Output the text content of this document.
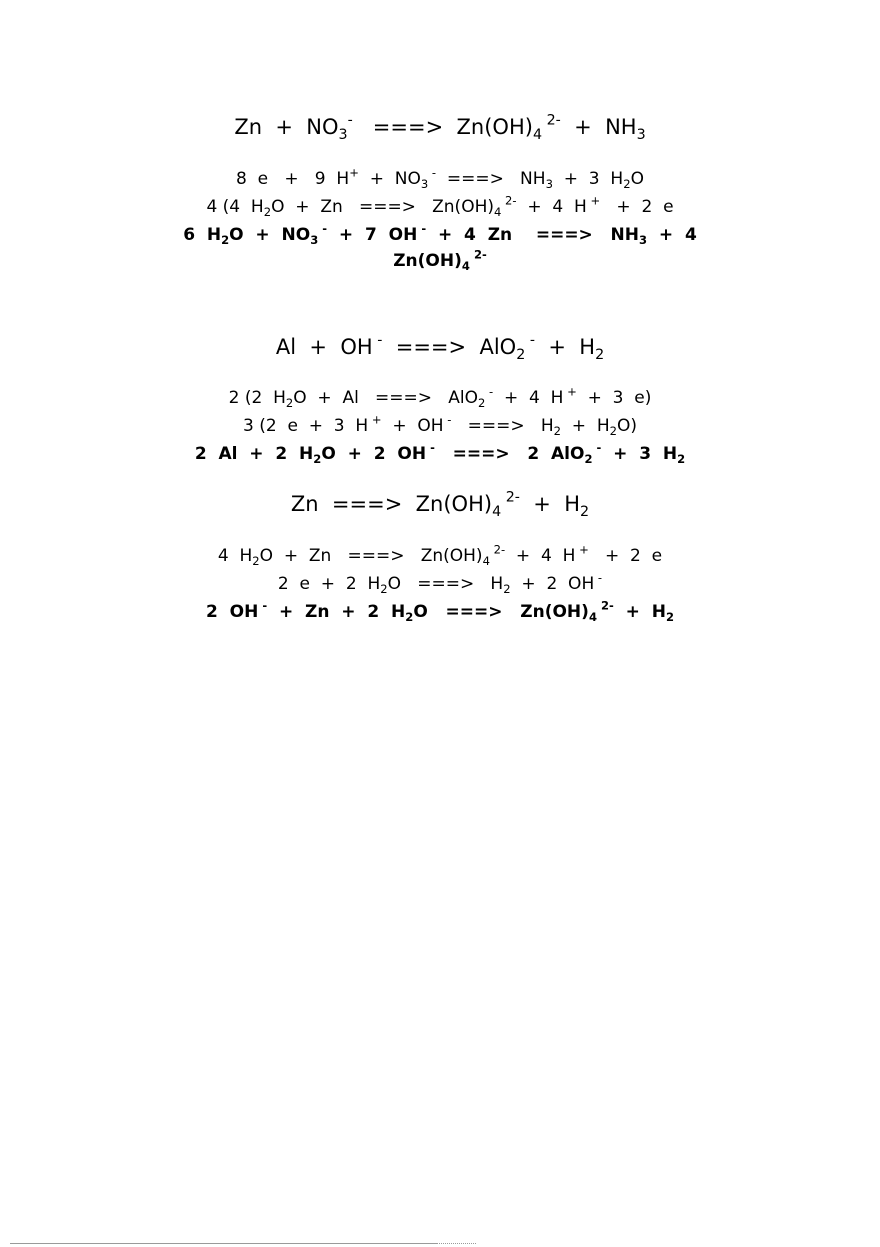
$Zn + NO_3^-$   ===>  $Zn(OH)_4$ $^{2-} + NH_3$
8  e   +   9  $H^+ + NO_3$ -  ===>   $NH_3 + 3$  $H_2O$
4 (4  $H_2O + Zn$   ===>   $Zn(OH)_4$ $^{2-}$  +  4  H +   +  2  e
6  $H_2O + NO_3$ -  +  7  OH -  +  4  Zn    ===>   $NH_3 + 4$
$Zn(OH)_4$ $^{2-}$
Al  +  OH -  ===>  AlO$_2$ $^- + H_2$
2 (2  $H_2O + Al$   ===>   AlO$_2$ -  +  4  H +  +  3  e)
3 (2  e  +  3  H +  +  OH -   ===>   $H_2 + H_2O$)
2  Al  +  2  $H_2O + 2$  OH -   ===>   2  AlO$_2$ -  +  3  $H_2$
Zn  ===>  $Zn(OH)_4$ $^{2-} + H_2$
4  $H_2O + Zn$   ===>   $Zn(OH)_4$ $^{2-}$  +  4  H +   +  2  e
2  e  +  2  $H_2O$   ===>   $H_2 + 2$  OH -
2  OH -  +  Zn  +  2  $H_2O$   ===>   $Zn(OH)_4$ $^{2-} + H_2$
